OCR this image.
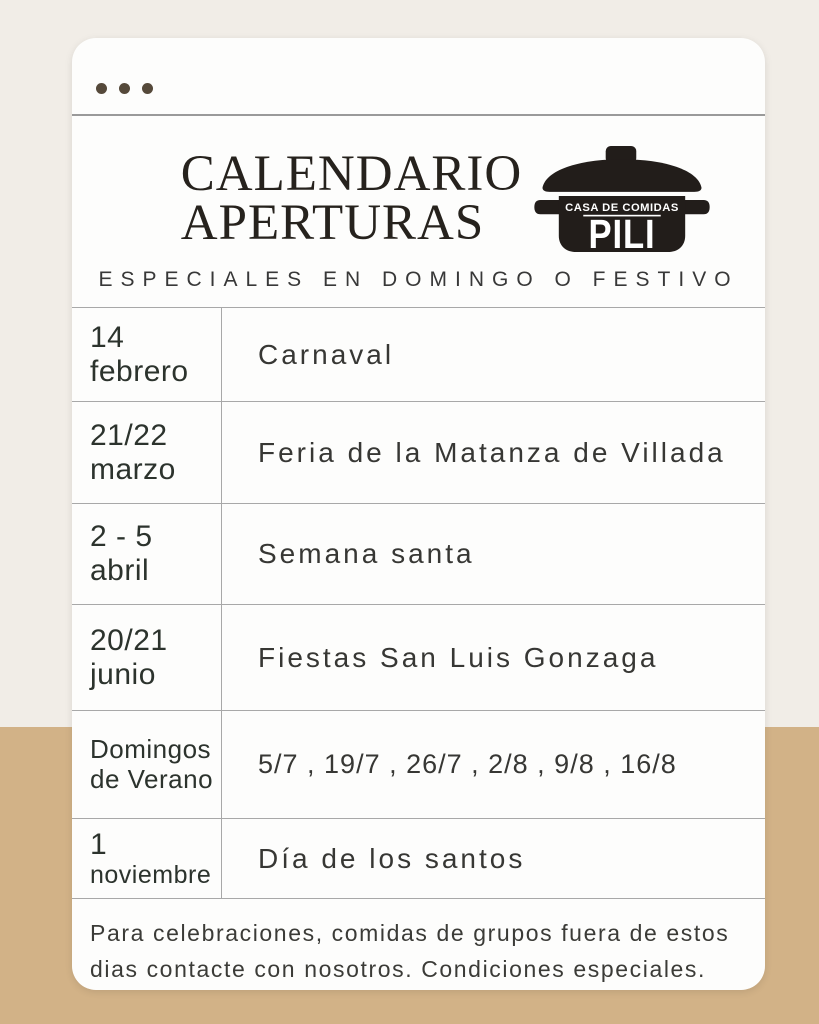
CALENDARIO
APERTURAS	CASA DE COMIDAS
PILI
ESPECIALES EN DOMINGO O FESTIVO
14
febrero
Carnaval
21/22
marzo
Feria de la Matanza de Villada
2 - 5
abril
Semana santa
20/21
junio
Fiestas San Luis Gonzaga
Domingos
de Verano 5/7 , 19/7 , 26/7 , 2/8 , 9/8 , 16/8
1
noviembre
Día de los santos
Para celebraciones, comidas de grupos fuera de estos dias contacte con nosotros. Condiciones especiales.
